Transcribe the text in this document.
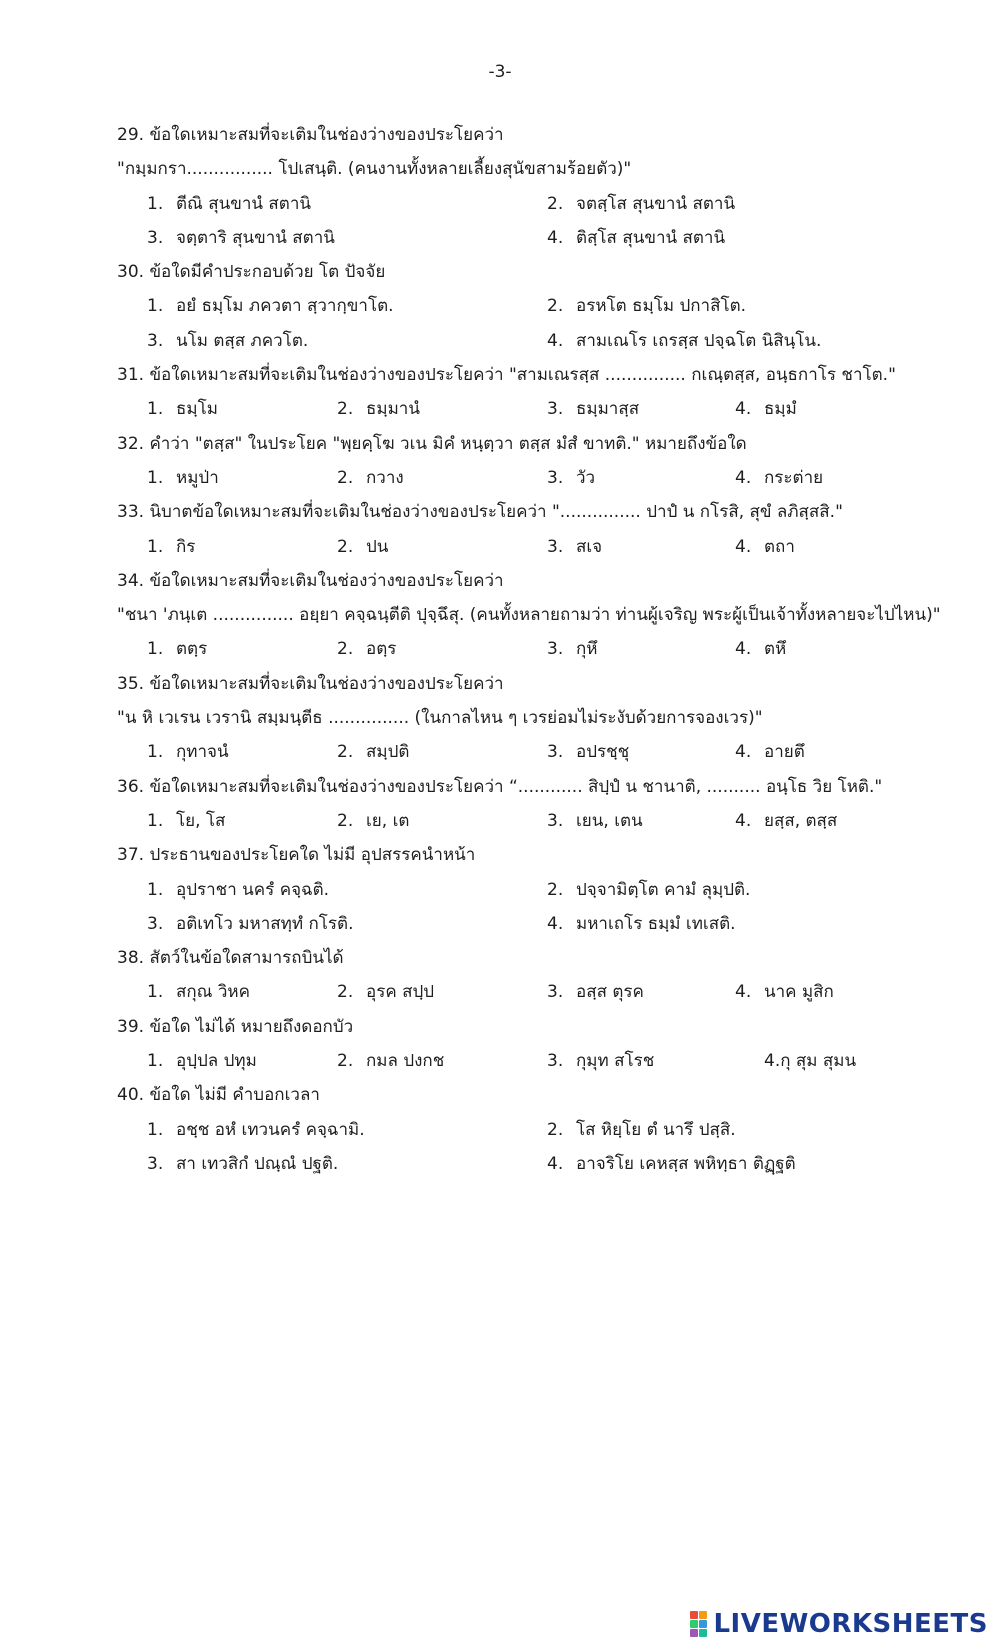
-3-
29. ข้อใดเหมาะสมที่จะเติมในช่องว่างของประโยคว่า
"กมฺมกรา................ โปเสนฺติ. (คนงานทั้งหลายเลี้ยงสุนัขสามร้อยตัว)"
1. ตีณิ สุนขานํ สตานิ	2. จตสฺโส สุนขานํ สตานิ
3. จตฺตาริ สุนขานํ สตานิ	4. ติสฺโส สุนขานํ สตานิ
30. ข้อใดมีคำประกอบด้วย โต ปัจจัย
1. อยํ ธมฺโม ภควตา สฺวากฺขาโต.	2. อรหโต ธมฺโม ปกาสิโต.
3. นโม ตสฺส ภควโต.	4. สามเณโร เถรสฺส ปจฺฉโต นิสินฺโน.
31. ข้อใดเหมาะสมที่จะเติมในช่องว่างของประโยคว่า "สามเณรสฺส ............... กเณฺตสฺส, อนฺธกาโร ชาโต."
1. ธมฺโม	2. ธมฺมานํ	3. ธมฺมาสฺส	4. ธมฺมํ
32. คำว่า "ตสฺส" ในประโยค "พฺยคฺโฆ วเน มิคํ หนฺตฺวา ตสฺส มํสํ ขาทติ." หมายถึงข้อใด
1. หมูป่า	2. กวาง	3. วัว	4. กระต่าย
33. นิบาตข้อใดเหมาะสมที่จะเติมในช่องว่างของประโยคว่า "............... ปาปํ น กโรสิ, สุขํ ลภิสฺสสิ."
1. กิร	2. ปน	3. สเจ	4. ตถา
34. ข้อใดเหมาะสมที่จะเติมในช่องว่างของประโยคว่า
"ชนา 'ภนฺเต ............... อยฺยา คจฺฉนฺตีติ ปุจฺฉึสุ. (คนทั้งหลายถามว่า ท่านผู้เจริญ พระผู้เป็นเจ้าทั้งหลายจะไปไหน)"
1. ตตฺร	2. อตฺร	3. กุหึ	4. ตหึ
35. ข้อใดเหมาะสมที่จะเติมในช่องว่างของประโยคว่า
"น หิ เวเรน เวรานิ สมฺมนฺตีธ ............... (ในกาลไหน ๆ เวรย่อมไม่ระงับด้วยการจองเวร)"
1. กุทาจนํ	2. สมฺปติ	3. อปรชฺชุ	4. อายตึ
36. ข้อใดเหมาะสมที่จะเติมในช่องว่างของประโยคว่า “............ สิปฺปํ น ชานาติ, .......... อนฺโธ วิย โหติ."
1. โย, โส	2. เย, เต	3. เยน, เตน	4. ยสฺส, ตสฺส
37. ประธานของประโยคใด ไม่มี อุปสรรคนำหน้า
1. อุปราชา นครํ คจฺฉติ.	2. ปจฺจามิตฺโต คามํ ลุมฺปติ.
3. อติเทโว มหาสทฺทํ กโรติ.	4. มหาเถโร ธมฺมํ เทเสติ.
38. สัตว์ในข้อใดสามารถบินได้
1. สกุณ วิหค	2. อุรค สปฺป	3. อสฺส ตุรค	4. นาค มูสิก
39. ข้อใด ไม่ได้ หมายถึงดอกบัว
1. อุปฺปล ปทุม	2. กมล ปงกช	3. กุมุท สโรช	4.กุ สุม สุมน
40. ข้อใด ไม่มี คำบอกเวลา
1. อชฺช อหํ เทวนครํ คจฺฉามิ.	2. โส หิยฺโย ตํ นารึ ปสฺสิ.
3. สา เทวสิกํ ปณฺณํ ปฐติ.	4. อาจริโย เคหสฺส พหิทฺธา ติฏฺฐติ
LIVEWORKSHEETS
